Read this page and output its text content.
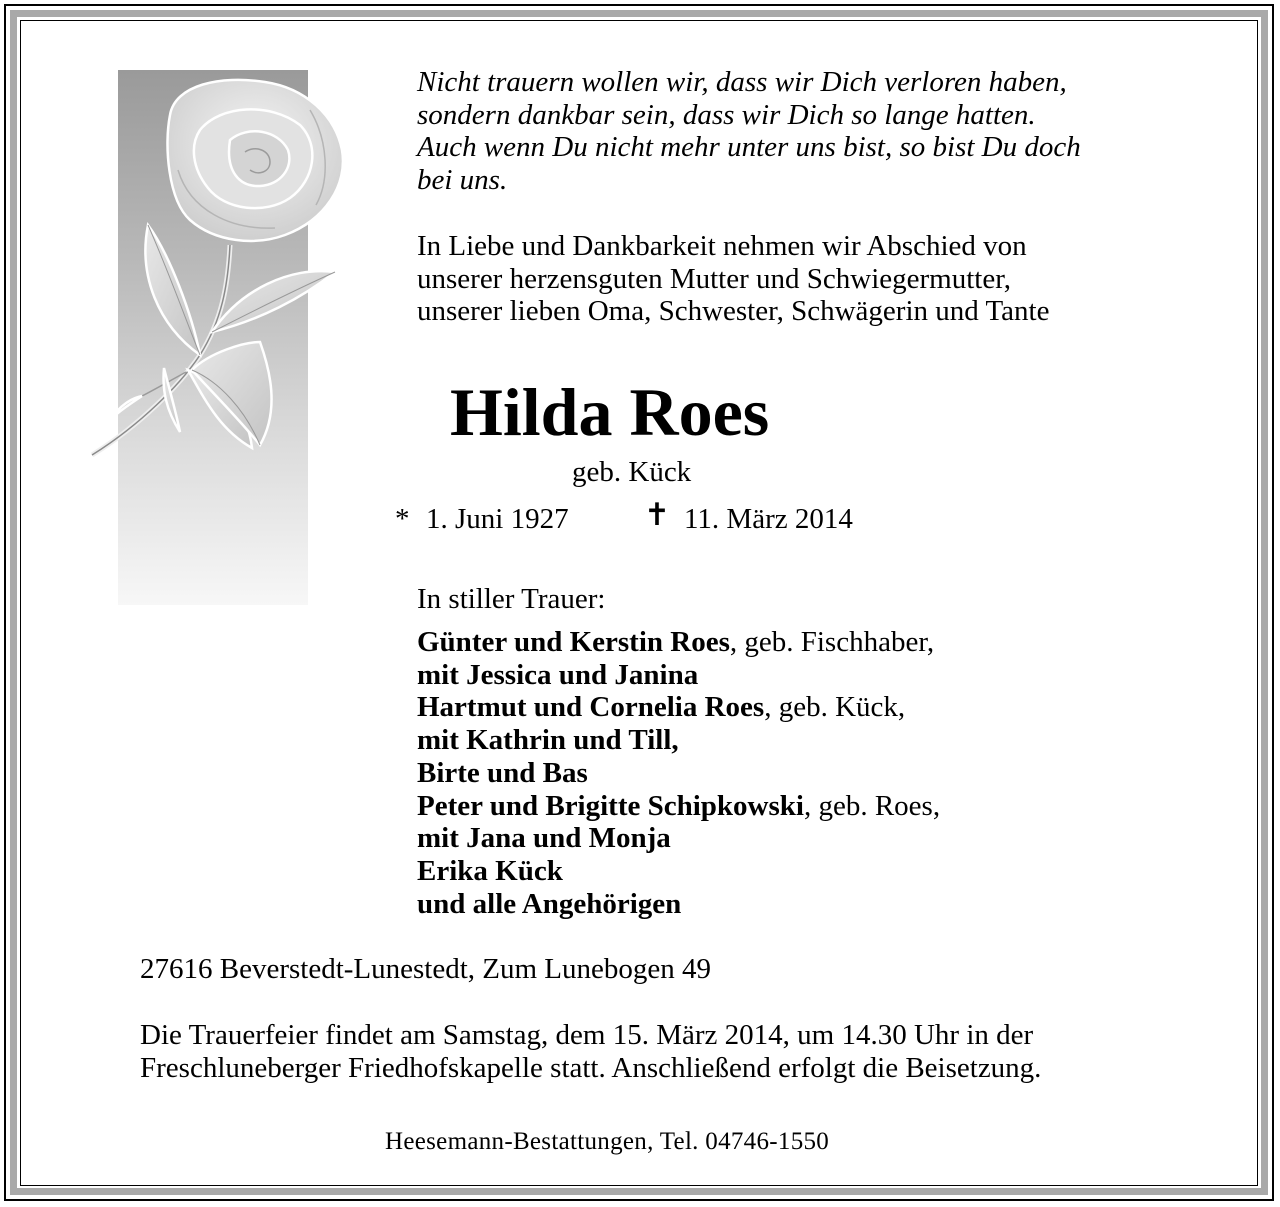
Nicht trauern wollen wir, dass wir Dich verloren haben,
sondern dankbar sein, dass wir Dich so lange hatten.
Auch wenn Du nicht mehr unter uns bist, so bist Du doch
bei uns.

In Liebe und Dankbarkeit nehmen wir Abschied von
unserer herzensguten Mutter und Schwiegermutter,
unserer lieben Oma, Schwester, Schwägerin und Tante

Hilda Roes

geb. Kück

* 1. Juni 1927 ✝ 11. März 2014

In stiller Trauer:

Günter und Kerstin Roes, geb. Fischhaber,
mit Jessica und Janina
Hartmut und Cornelia Roes, geb. Kück,
mit Kathrin und Till,
Birte und Bas
Peter und Brigitte Schipkowski, geb. Roes,
mit Jana und Monja
Erika Kück
und alle Angehörigen

27616 Beverstedt-Lunestedt, Zum Lunebogen 49

Die Trauerfeier findet am Samstag, dem 15. März 2014, um 14.30 Uhr in der
Freschluneberger Friedhofskapelle statt. Anschließend erfolgt die Beisetzung.

Heesemann-Bestattungen, Tel. 04746-1550
